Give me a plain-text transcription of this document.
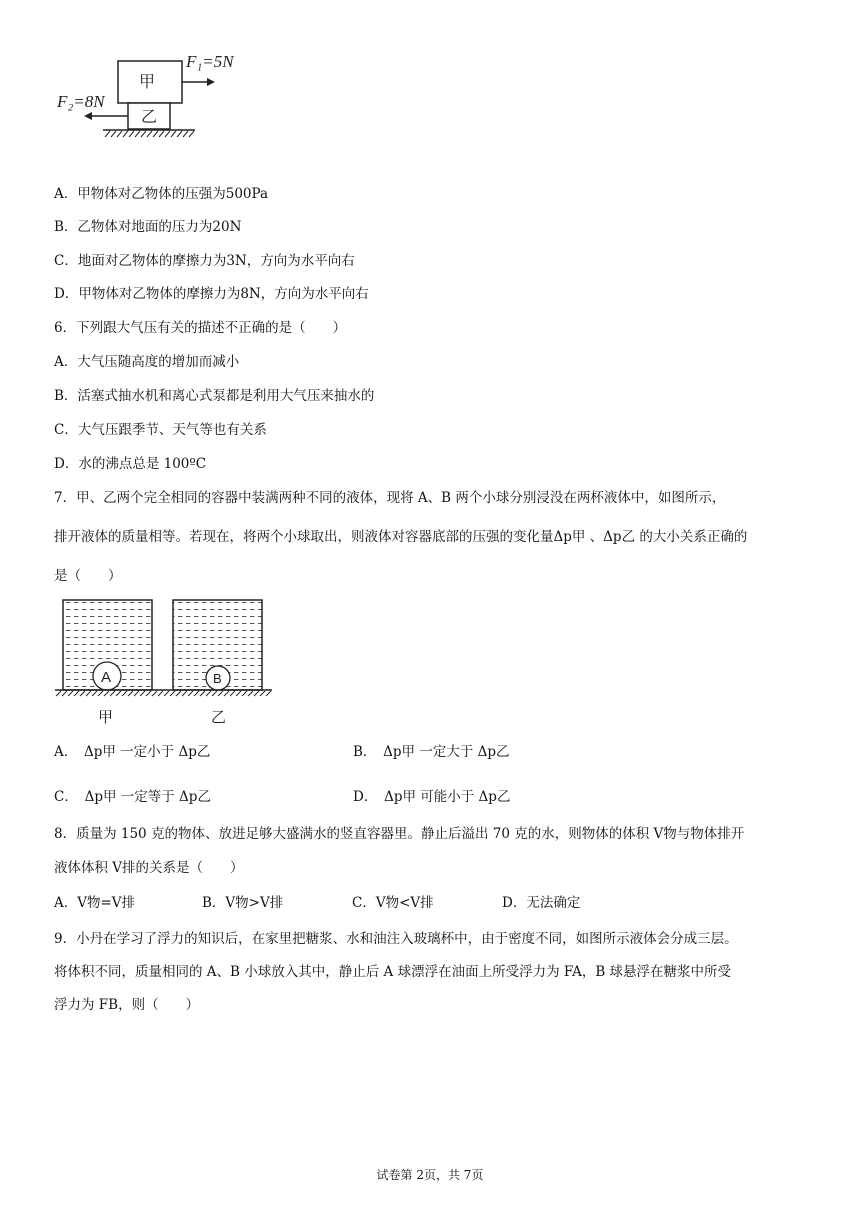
甲
乙
F₁=5N
F₂=8N
A．甲物体对乙物体的压强为500Pa
B．乙物体对地面的压力为20N
C．地面对乙物体的摩擦力为3N，方向为水平向右
D．甲物体对乙物体的摩擦力为8N，方向为水平向右
6．下列跟大气压有关的描述不正确的是（　　）
A．大气压随高度的增加而减小
B．活塞式抽水机和离心式泵都是利用大气压来抽水的
C．大气压跟季节、天气等也有关系
D．水的沸点总是 100ºC
7．甲、乙两个完全相同的容器中装满两种不同的液体，现将 A、B 两个小球分别浸没在两杯液体中，如图所示，
排开液体的质量相等。若现在，将两个小球取出，则液体对容器底部的压强的变化量Δp甲 、Δp乙 的大小关系正确的
是（　　）
A	B
甲	乙
A．　Δp甲 一定小于 Δp乙	B．　Δp甲 一定大于 Δp乙
C．　Δp甲 一定等于 Δp乙	D．　Δp甲 可能小于 Δp乙
8．质量为 150 克的物体、放进足够大盛满水的竖直容器里。静止后溢出 70 克的水，则物体的体积 V物与物体排开
液体体积 V排的关系是（　　）
A．V物=V排	B．V物>V排	C．V物<V排	D．无法确定
9．小丹在学习了浮力的知识后，在家里把糖浆、水和油注入玻璃杯中，由于密度不同，如图所示液体会分成三层。
将体积不同，质量相同的 A、B 小球放入其中，静止后 A 球漂浮在油面上所受浮力为 FA，B 球悬浮在糖浆中所受
浮力为 FB，则（　　）
试卷第 2页，共 7页
